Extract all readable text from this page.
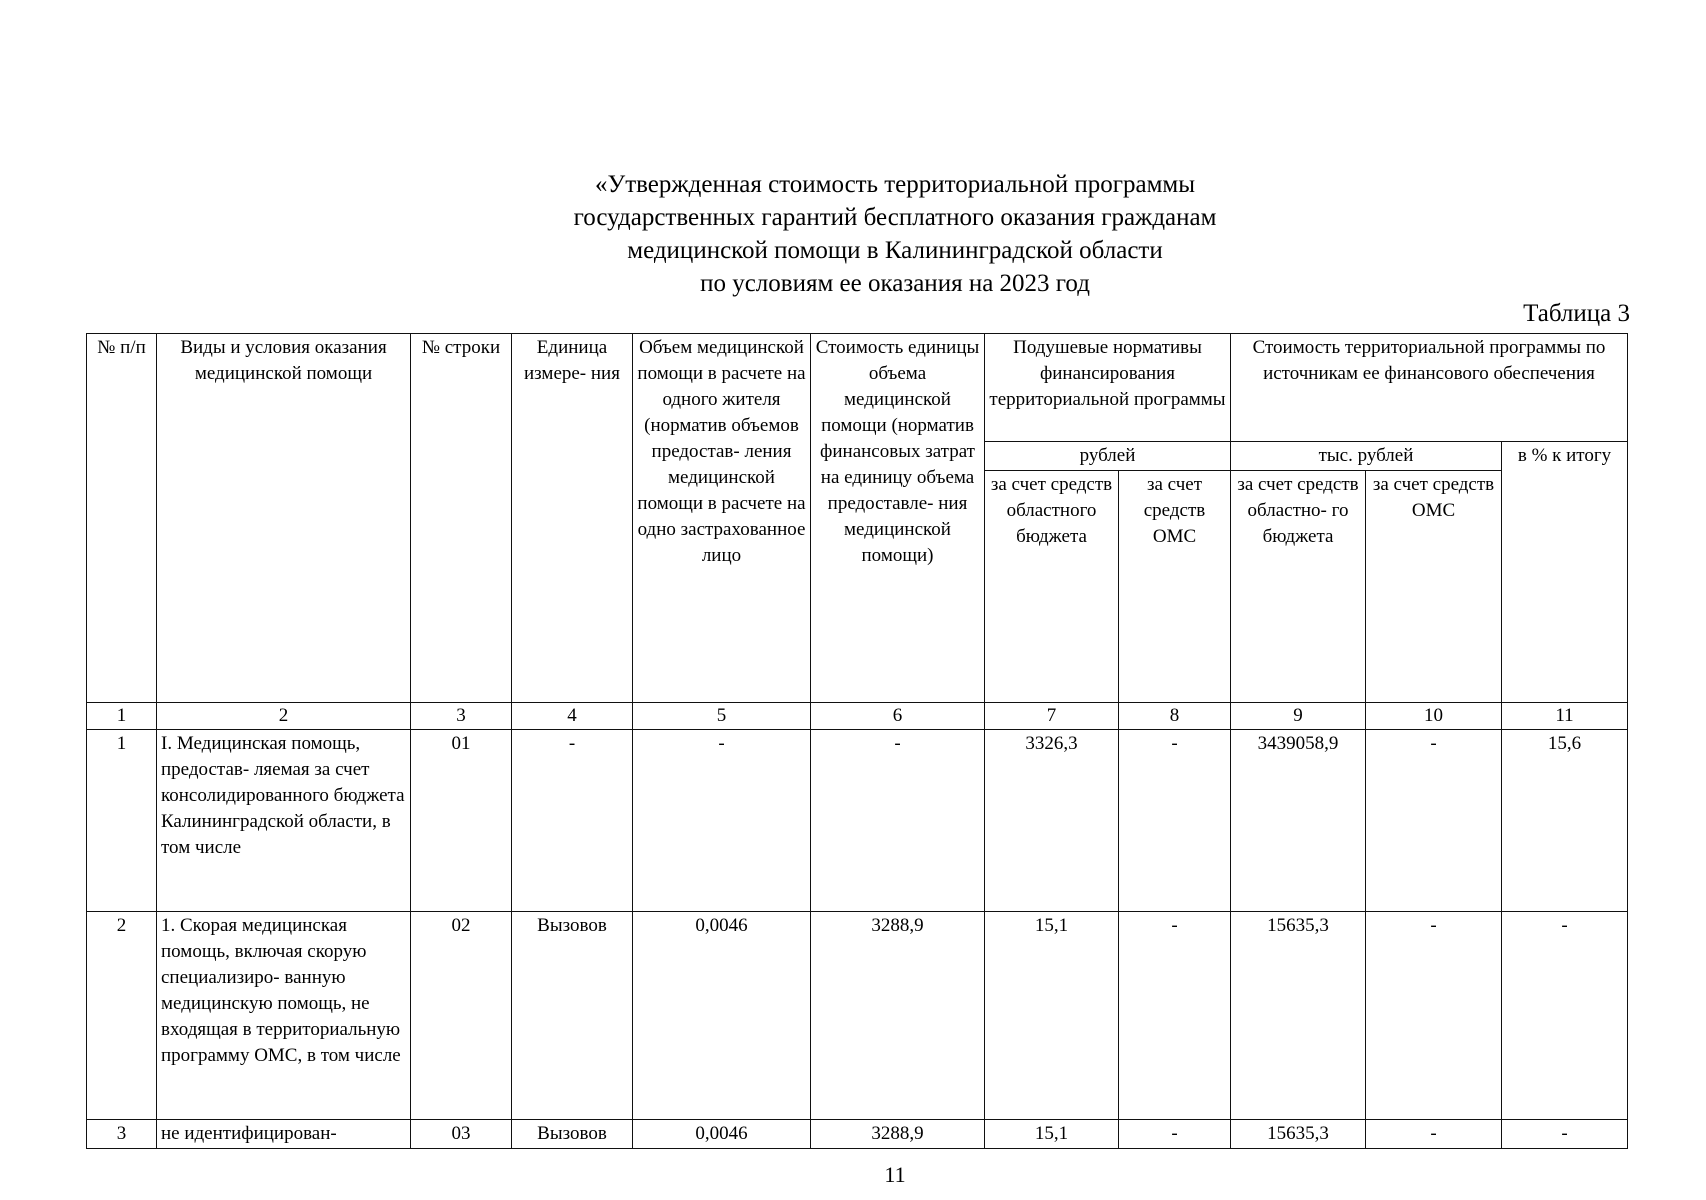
«Утвержденная стоимость территориальной программы
государственных гарантий бесплатного оказания гражданам
медицинской помощи в Калининградской области
по условиям ее оказания на 2023 год
Таблица 3
№ п/п	Виды и условия оказания медицинской помощи	№ строки	Единица измере- ния	Объем медицинской помощи в расчете на одного жителя (норматив объемов предостав- ления медицинской помощи в расчете на одно застрахованное лицо	Стоимость единицы объема медицинской помощи (норматив финансовых затрат на единицу объема предоставле- ния медицинской помощи)	Подушевые нормативы финансирования территориальной программы		Стоимость территориальной программы по источникам ее финансового обеспечения		
						рублей		тыс. рублей		в % к итогу
						за счет средств областного бюджета	за счет средств ОМС	за счет средств областно- го бюджета	за счет средств ОМС	
1	2	3	4	5	6	7	8	9	10	11
1	I. Медицинская помощь, предостав- ляемая за счет консолидированного бюджета Калининградской области, в том числе	01	-	-	-	3326,3	-	3439058,9	-	15,6
2	1. Скорая медицинская помощь, включая скорую специализиро- ванную медицинскую помощь, не входящая в территориальную программу ОМС, в том числе	02	Вызовов	0,0046	3288,9	15,1	-	15635,3	-	-
3	не идентифицирован-	03	Вызовов	0,0046	3288,9	15,1	-	15635,3	-	-
11
